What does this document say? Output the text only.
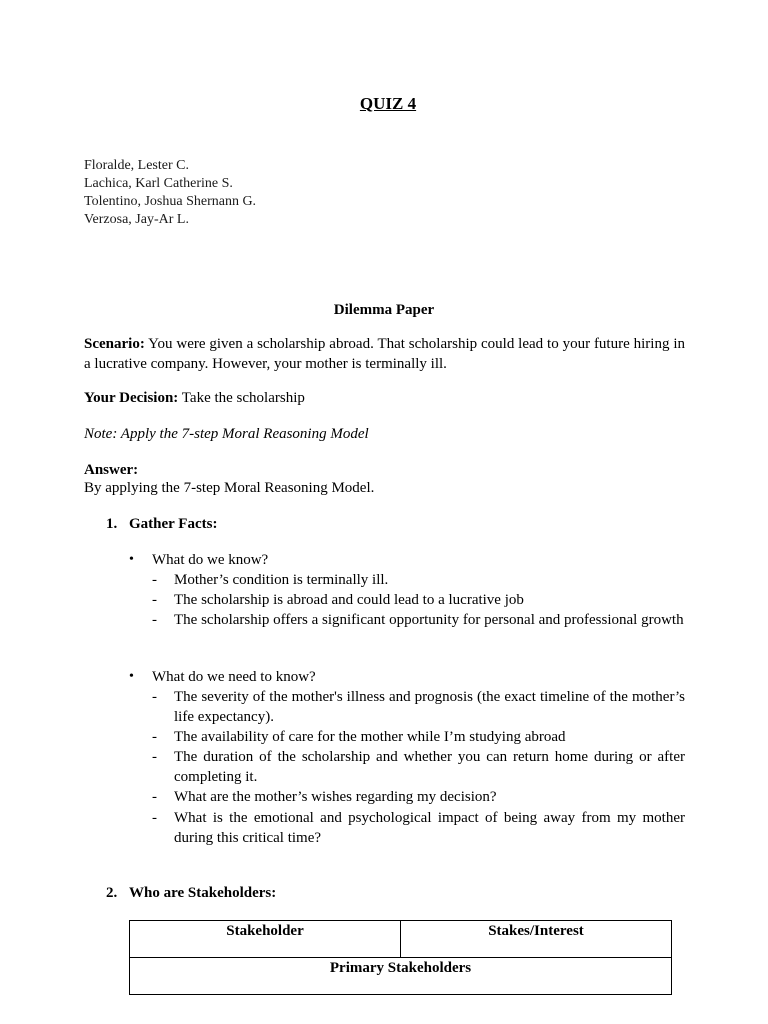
QUIZ 4
Floralde, Lester C.
Lachica, Karl Catherine S.
Tolentino, Joshua Shernann G.
Verzosa, Jay-Ar L.
Dilemma Paper
Scenario: You were given a scholarship abroad. That scholarship could lead to your future hiring in a lucrative company. However, your mother is terminally ill.
Your Decision: Take the scholarship
Note: Apply the 7-step Moral Reasoning Model
Answer:
By applying the 7-step Moral Reasoning Model.
1. Gather Facts:
• What do we know?
- Mother’s condition is terminally ill.
- The scholarship is abroad and could lead to a lucrative job
- The scholarship offers a significant opportunity for personal and professional growth
• What do we need to know?
- The severity of the mother's illness and prognosis (the exact timeline of the mother’s life expectancy).
- The availability of care for the mother while I’m studying abroad
- The duration of the scholarship and whether you can return home during or after completing it.
- What are the mother’s wishes regarding my decision?
- What is the emotional and psychological impact of being away from my mother during this critical time?
2. Who are Stakeholders:
Stakeholder	Stakes/Interest
Primary Stakeholders
